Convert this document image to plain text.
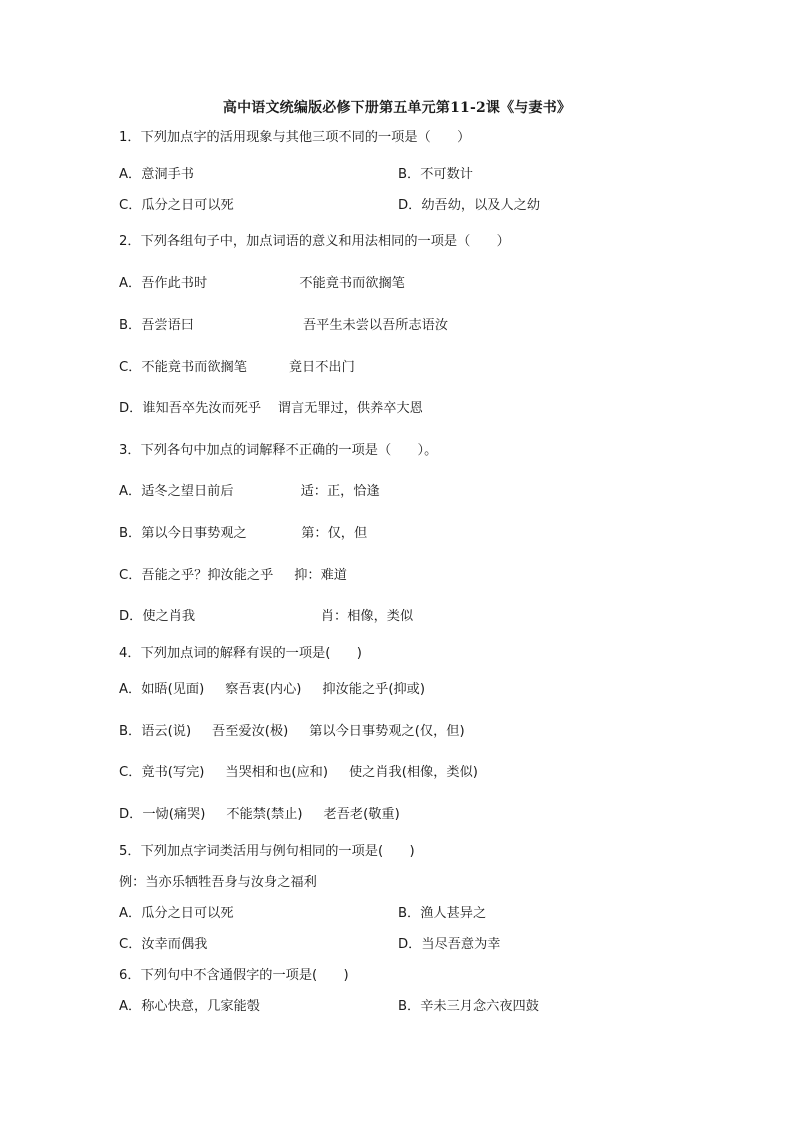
高中语文统编版必修下册第五单元第11-2课《与妻书》
1．下列加点字的活用现象与其他三项不同的一项是（　　）
A．意洞手书	B．不可数计
C．瓜分之日可以死	D．幼吾幼，以及人之幼
2．下列各组句子中，加点词语的意义和用法相同的一项是（　　）
A．吾作此书时                      不能竟书而欲搁笔
B．吾尝语曰                          吾平生未尝以吾所志语汝
C．不能竟书而欲搁笔          竟日不出门
D．谁知吾卒先汝而死乎    谓言无罪过，供养卒大恩
3．下列各句中加点的词解释不正确的一项是（　　）。
A．适冬之望日前后                适：正，恰逢
B．第以今日事势观之             第：仅，但
C．吾能之乎？抑汝能之乎     抑：难道
D．使之肖我                              肖：相像，类似
4．下列加点词的解释有误的一项是(　　)
A．如晤(见面)     察吾衷(内心)     抑汝能之乎(抑或)
B．语云(说)     吾至爱汝(极)     第以今日事势观之(仅，但)
C．竟书(写完)     当哭相和也(应和)     使之肖我(相像，类似)
D．一恸(痛哭)     不能禁(禁止)     老吾老(敬重)
5．下列加点字词类活用与例句相同的一项是(　　)
例：当亦乐牺牲吾身与汝身之福利
A．瓜分之日可以死	B．渔人甚异之
C．汝幸而偶我	D．当尽吾意为幸
6．下列句中不含通假字的一项是(　　)
A．称心快意，几家能彀	B．辛未三月念六夜四鼓
